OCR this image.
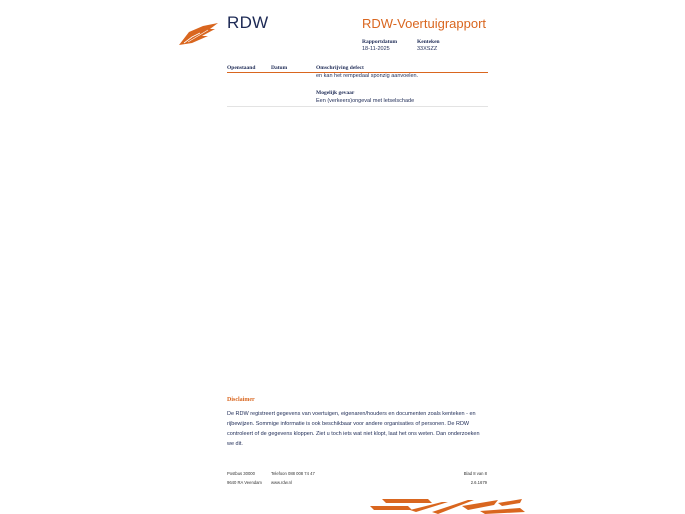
RDW	RDW-Voertuigrapport
Rapportdatum
18-11-2025
Kenteken
33XSZZ
Openstaand	Datum	Omschrijving defect
en kan het rempedaal sponzig aanvoelen.
Mogelijk gevaar
Een (verkeers)ongeval met letselschade
Disclaimer
De RDW registreert gegevens van voertuigen, eigenaren/houders en documenten zoals kenteken - en
rijbewijzen. Sommige informatie is ook beschikbaar voor andere organisaties of personen. De RDW
controleert of de gegevens kloppen. Ziet u toch iets wat niet klopt, laat het ons weten. Dan onderzoeken
we dit.
Postbus 30000
9640 RA Veendam
Telefoon 088 008 74 47
www.rdw.nl
Blad 8 van 8
2.6.1679
